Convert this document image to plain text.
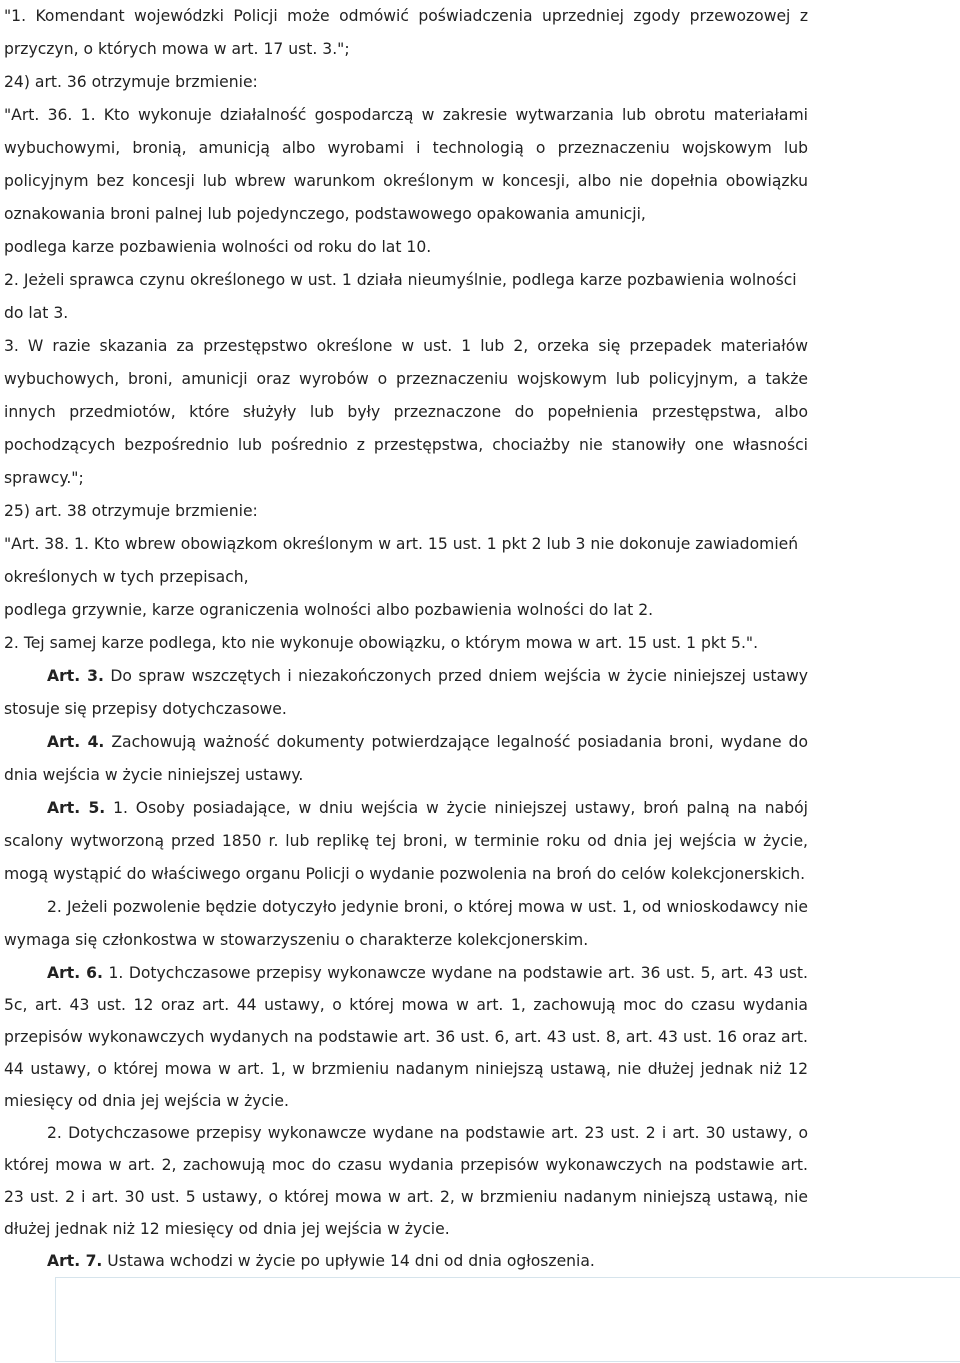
"1. Komendant wojewódzki Policji może odmówić poświadczenia uprzedniej zgody przewozowej z przyczyn, o których mowa w art. 17 ust. 3.";

24) art. 36 otrzymuje brzmienie:

"Art. 36. 1. Kto wykonuje działalność gospodarczą w zakresie wytwarzania lub obrotu materiałami wybuchowymi, bronią, amunicją albo wyrobami i technologią o przeznaczeniu wojskowym lub policyjnym bez koncesji lub wbrew warunkom określonym w koncesji, albo nie dopełnia obowiązku oznakowania broni palnej lub pojedynczego, podstawowego opakowania amunicji,

podlega karze pozbawienia wolności od roku do lat 10.

2. Jeżeli sprawca czynu określonego w ust. 1 działa nieumyślnie, podlega karze pozbawienia wolności do lat 3.

3. W razie skazania za przestępstwo określone w ust. 1 lub 2, orzeka się przepadek materiałów wybuchowych, broni, amunicji oraz wyrobów o przeznaczeniu wojskowym lub policyjnym, a także innych przedmiotów, które służyły lub były przeznaczone do popełnienia przestępstwa, albo pochodzących bezpośrednio lub pośrednio z przestępstwa, chociażby nie stanowiły one własności sprawcy.";

25) art. 38 otrzymuje brzmienie:

"Art. 38. 1. Kto wbrew obowiązkom określonym w art. 15 ust. 1 pkt 2 lub 3 nie dokonuje zawiadomień określonych w tych przepisach,

podlega grzywnie, karze ograniczenia wolności albo pozbawienia wolności do lat 2.

2. Tej samej karze podlega, kto nie wykonuje obowiązku, o którym mowa w art. 15 ust. 1 pkt 5.".

Art. 3. Do spraw wszczętych i niezakończonych przed dniem wejścia w życie niniejszej ustawy stosuje się przepisy dotychczasowe.

Art. 4. Zachowują ważność dokumenty potwierdzające legalność posiadania broni, wydane do dnia wejścia w życie niniejszej ustawy.

Art. 5. 1. Osoby posiadające, w dniu wejścia w życie niniejszej ustawy, broń palną na nabój scalony wytworzoną przed 1850 r. lub replikę tej broni, w terminie roku od dnia jej wejścia w życie, mogą wystąpić do właściwego organu Policji o wydanie pozwolenia na broń do celów kolekcjonerskich.

2. Jeżeli pozwolenie będzie dotyczyło jedynie broni, o której mowa w ust. 1, od wnioskodawcy nie wymaga się członkostwa w stowarzyszeniu o charakterze kolekcjonerskim.

Art. 6. 1. Dotychczasowe przepisy wykonawcze wydane na podstawie art. 36 ust. 5, art. 43 ust. 5c, art. 43 ust. 12 oraz art. 44 ustawy, o której mowa w art. 1, zachowują moc do czasu wydania przepisów wykonawczych wydanych na podstawie art. 36 ust. 6, art. 43 ust. 8, art. 43 ust. 16 oraz art. 44 ustawy, o której mowa w art. 1, w brzmieniu nadanym niniejszą ustawą, nie dłużej jednak niż 12 miesięcy od dnia jej wejścia w życie.

2. Dotychczasowe przepisy wykonawcze wydane na podstawie art. 23 ust. 2 i art. 30 ustawy, o której mowa w art. 2, zachowują moc do czasu wydania przepisów wykonawczych na podstawie art. 23 ust. 2 i art. 30 ust. 5 ustawy, o której mowa w art. 2, w brzmieniu nadanym niniejszą ustawą, nie dłużej jednak niż 12 miesięcy od dnia jej wejścia w życie.

Art. 7. Ustawa wchodzi w życie po upływie 14 dni od dnia ogłoszenia.
